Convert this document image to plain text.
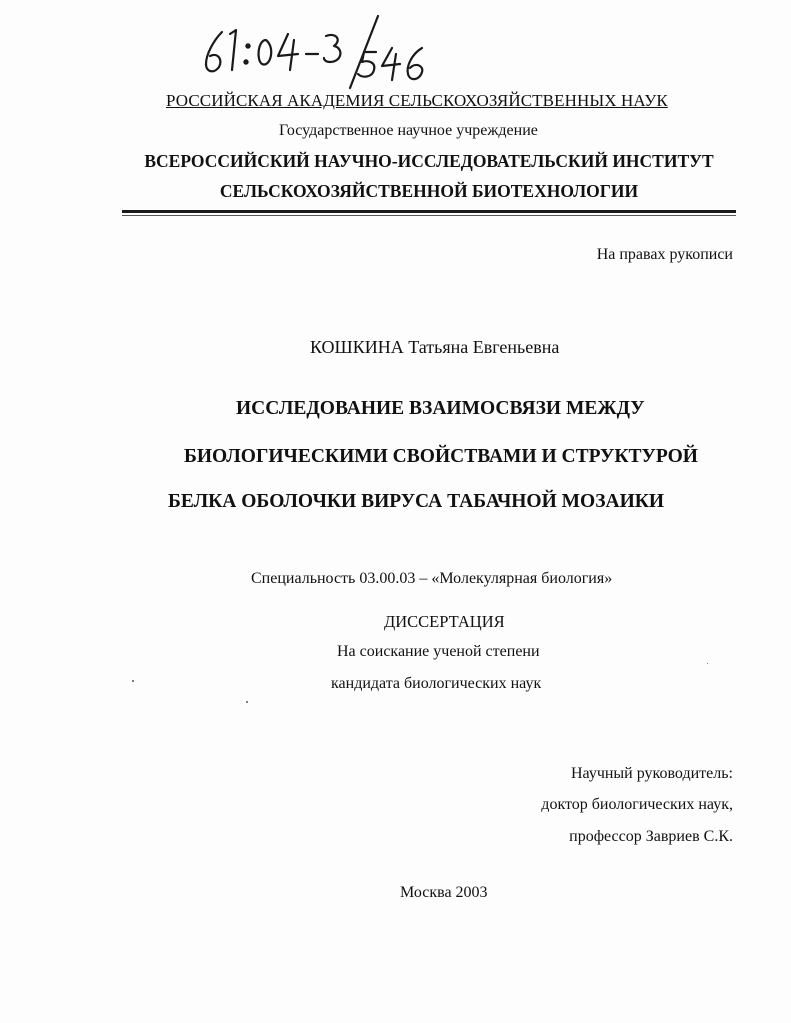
РОССИЙСКАЯ АКАДЕМИЯ СЕЛЬСКОХОЗЯЙСТВЕННЫХ НАУК
Государственное научное учреждение
ВСЕРОССИЙСКИЙ НАУЧНО-ИССЛЕДОВАТЕЛЬСКИЙ ИНСТИТУТ
СЕЛЬСКОХОЗЯЙСТВЕННОЙ БИОТЕХНОЛОГИИ
На правах рукописи
КОШКИНА Татьяна Евгеньевна
ИССЛЕДОВАНИЕ ВЗАИМОСВЯЗИ МЕЖДУ
БИОЛОГИЧЕСКИМИ СВОЙСТВАМИ И СТРУКТУРОЙ
БЕЛКА ОБОЛОЧКИ ВИРУСА ТАБАЧНОЙ МОЗАИКИ
Специальность 03.00.03 – «Молекулярная биология»
ДИССЕРТАЦИЯ
На соискание ученой степени
кандидата биологических наук
Научный руководитель:
доктор биологических наук,
профессор Завриев С.К.
Москва 2003
